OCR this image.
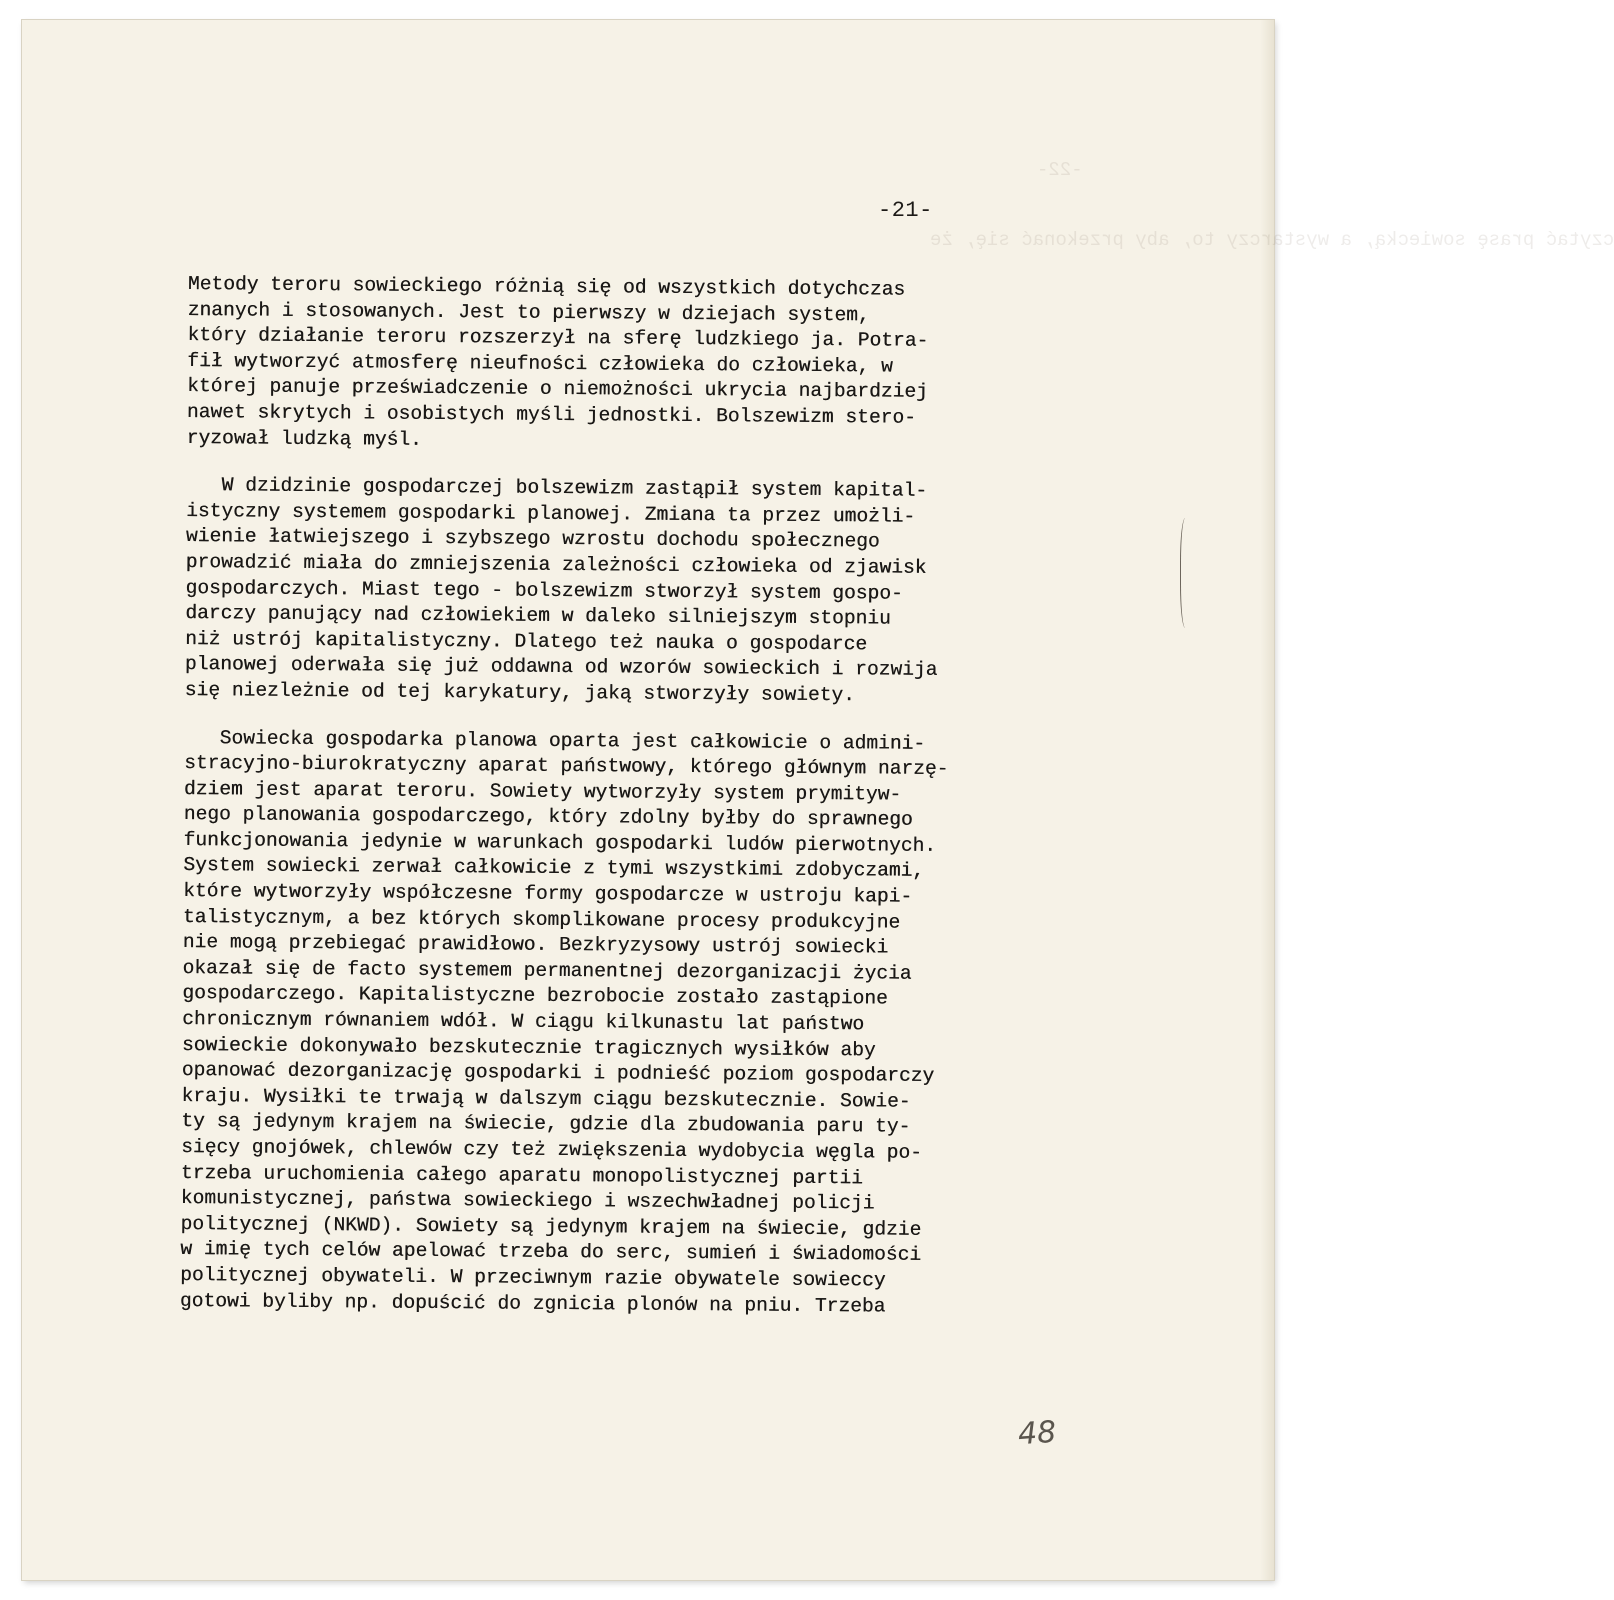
czytać prasę sowiecką, a wystarczy
-21-

Metody teroru sowieckiego różnią się od wszystkich dotychczas
znanych i stosowanych. Jest to pierwszy w dziejach system,
który działanie teroru rozszerzył na sferę ludzkiego ja. Potra-
fił wytworzyć atmosferę nieufności człowieka do człowieka, w
której panuje przeświadczenie o niemożności ukrycia najbardziej
nawet skrytych i osobistych myśli jednostki. Bolszewizm stero-
ryzował ludzką myśl.

W dzidzinie gospodarczej bolszewizm zastąpił system kapital-
istyczny systemem gospodarki planowej. Zmiana ta przez umożli-
wienie łatwiejszego i szybszego wzrostu dochodu społecznego
prowadzić miała do zmniejszenia zależności człowieka od zjawisk
gospodarczych. Miast tego - bolszewizm stworzył system gospo-
darczy panujący nad człowiekiem w daleko silniejszym stopniu
niż ustrój kapitalistyczny. Dlatego też nauka o gospodarce
planowej oderwała się już oddawna od wzorów sowieckich i rozwija
się niezleżnie od tej karykatury, jaką stworzyły sowiety.

Sowiecka gospodarka planowa oparta jest całkowicie o admini-
stracyjno-biurokratyczny aparat państwowy, którego głównym narzę-
dziem jest aparat teroru. Sowiety wytworzyły system prymityw-
nego planowania gospodarczego, który zdolny byłby do sprawnego
funkcjonowania jedynie w warunkach gospodarki ludów pierwotnych.
System sowiecki zerwał całkowicie z tymi wszystkimi zdobyczami,
które wytworzyły współczesne formy gospodarcze w ustroju kapi-
talistycznym, a bez których skomplikowane procesy produkcyjne
nie mogą przebiegać prawidłowo. Bezkryzysowy ustrój sowiecki
okazał się de facto systemem permanentnej dezorganizacji życia
gospodarczego. Kapitalistyczne bezrobocie zostało zastąpione
chronicznym równaniem wdół. W ciągu kilkunastu lat państwo
sowieckie dokonywało bezskutecznie tragicznych wysiłków aby
opanować dezorganizację gospodarki i podnieść poziom gospodarczy
kraju. Wysiłki te trwają w dalszym ciągu bezskutecznie. Sowie-
ty są jedynym krajem na świecie, gdzie dla zbudowania paru ty-
sięcy gnojówek, chlewów czy też zwiększenia wydobycia węgla po-
trzeba uruchomienia całego aparatu monopolistycznej partii
komunistycznej, państwa sowieckiego i wszechwładnej policji
politycznej (NKWD). Sowiety są jedynym krajem na świecie, gdzie
w imię tych celów apelować trzeba do serc, sumień i świadomości
politycznej obywateli. W przeciwnym razie obywatele sowieccy
gotowi byliby np. dopuścić do zgnicia plonów na pniu. Trzeba

48
